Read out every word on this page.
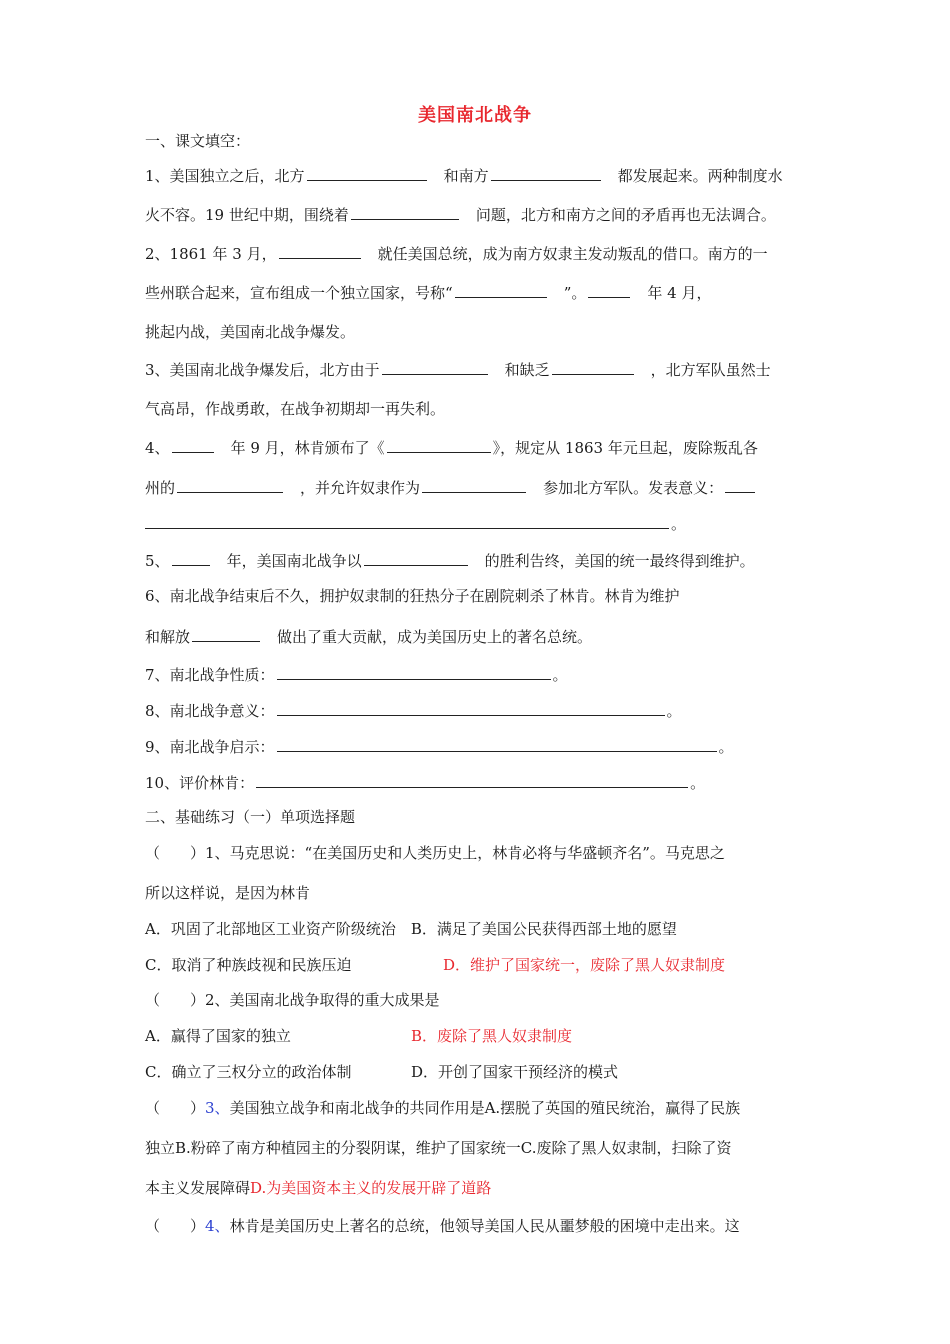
美国南北战争
一、课文填空：
1、美国独立之后，北方　	和南方　	都发展起来。两种制度水
火不容。19 世纪中期，围绕着　	问题，北方和南方之间的矛盾再也无法调合。
2、1861 年 3 月，　	就任美国总统，成为南方奴隶主发动叛乱的借口。南方的一
些州联合起来，宣布组成一个独立国家，号称“　	”。　	年 4 月，
挑起内战，美国南北战争爆发。
3、美国南北战争爆发后，北方由于　	和缺乏　	，北方军队虽然士
气高昂，作战勇敢，在战争初期却一再失利。
4、　	年 9 月，林肯颁布了《	》，规定从 1863 年元旦起，废除叛乱各
州的　	，并允许奴隶作为　	参加北方军队。发表意义：
。
5、　	年，美国南北战争以　	的胜利告终，美国的统一最终得到维护。
6、南北战争结束后不久，拥护奴隶制的狂热分子在剧院刺杀了林肯。林肯为维护
和解放　	做出了重大贡献，成为美国历史上的著名总统。
7、南北战争性质：	。
8、南北战争意义：	。
9、南北战争启示：	。
10、评价林肯：	。
二、基础练习（一）单项选择题
（　　）1、马克思说：“在美国历史和人类历史上，林肯必将与华盛顿齐名”。马克思之
所以这样说，是因为林肯
A．巩固了北部地区工业资产阶级统治　 B．满足了美国公民获得西部土地的愿望
C．取消了种族歧视和民族压迫	D．维护了国家统一，废除了黑人奴隶制度
（　　）2、美国南北战争取得的重大成果是
A．赢得了国家的独立	B．废除了黑人奴隶制度
C．确立了三权分立的政治体制	D．开创了国家干预经济的模式
（　　）3、美国独立战争和南北战争的共同作用是A.摆脱了英国的殖民统治，赢得了民族
独立B.粉碎了南方种植园主的分裂阴谋，维护了国家统一C.废除了黑人奴隶制，扫除了资
本主义发展障碍D.为美国资本主义的发展开辟了道路
（　　）4、林肯是美国历史上著名的总统，他领导美国人民从噩梦般的困境中走出来。这
